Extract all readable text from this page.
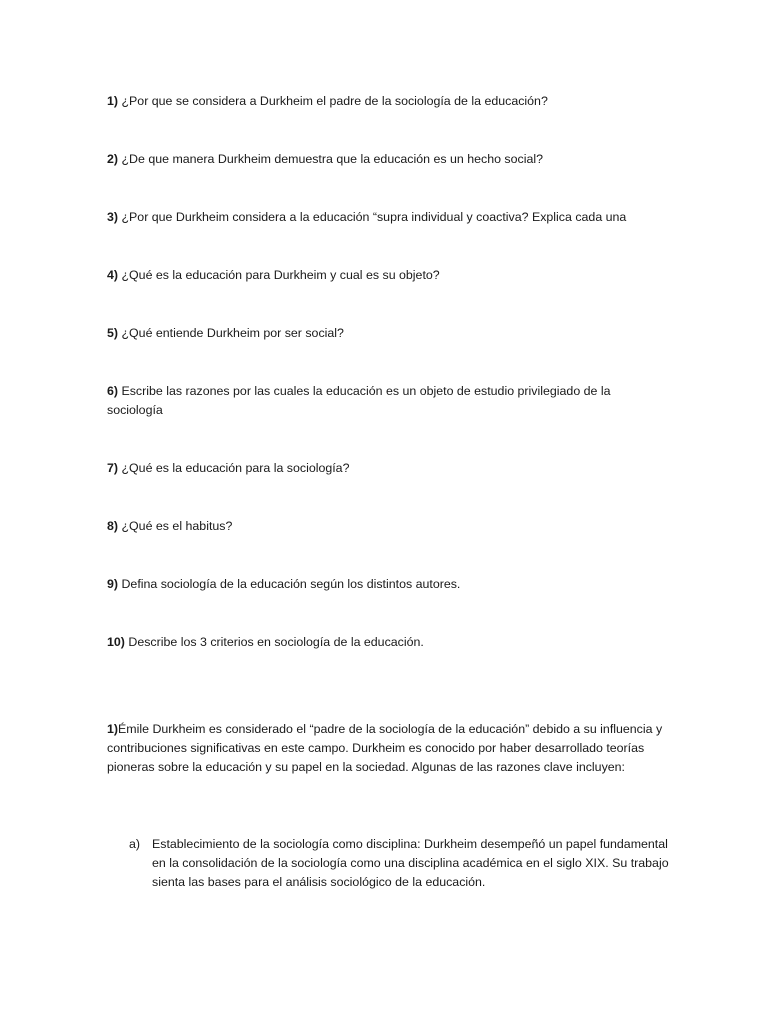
1) ¿Por que se considera a Durkheim el padre de la sociología de la educación?

2) ¿De que manera Durkheim demuestra que la educación es un hecho social?

3) ¿Por que Durkheim considera a la educación “supra individual y coactiva? Explica cada una

4) ¿Qué es la educación para Durkheim y cual es su objeto?

5) ¿Qué entiende Durkheim por ser social?

6) Escribe las razones por las cuales la educación es un objeto de estudio privilegiado de la sociología

7) ¿Qué es la educación para la sociología?

8) ¿Qué es el habitus?

9) Defina sociología de la educación según los distintos autores.

10) Describe los 3 criterios en sociología de la educación.

1)Émile Durkheim es considerado el “padre de la sociología de la educación” debido a su influencia y contribuciones significativas en este campo. Durkheim es conocido por haber desarrollado teorías pioneras sobre la educación y su papel en la sociedad. Algunas de las razones clave incluyen:

a) Establecimiento de la sociología como disciplina: Durkheim desempeñó un papel fundamental en la consolidación de la sociología como una disciplina académica en el siglo XIX. Su trabajo sienta las bases para el análisis sociológico de la educación.
